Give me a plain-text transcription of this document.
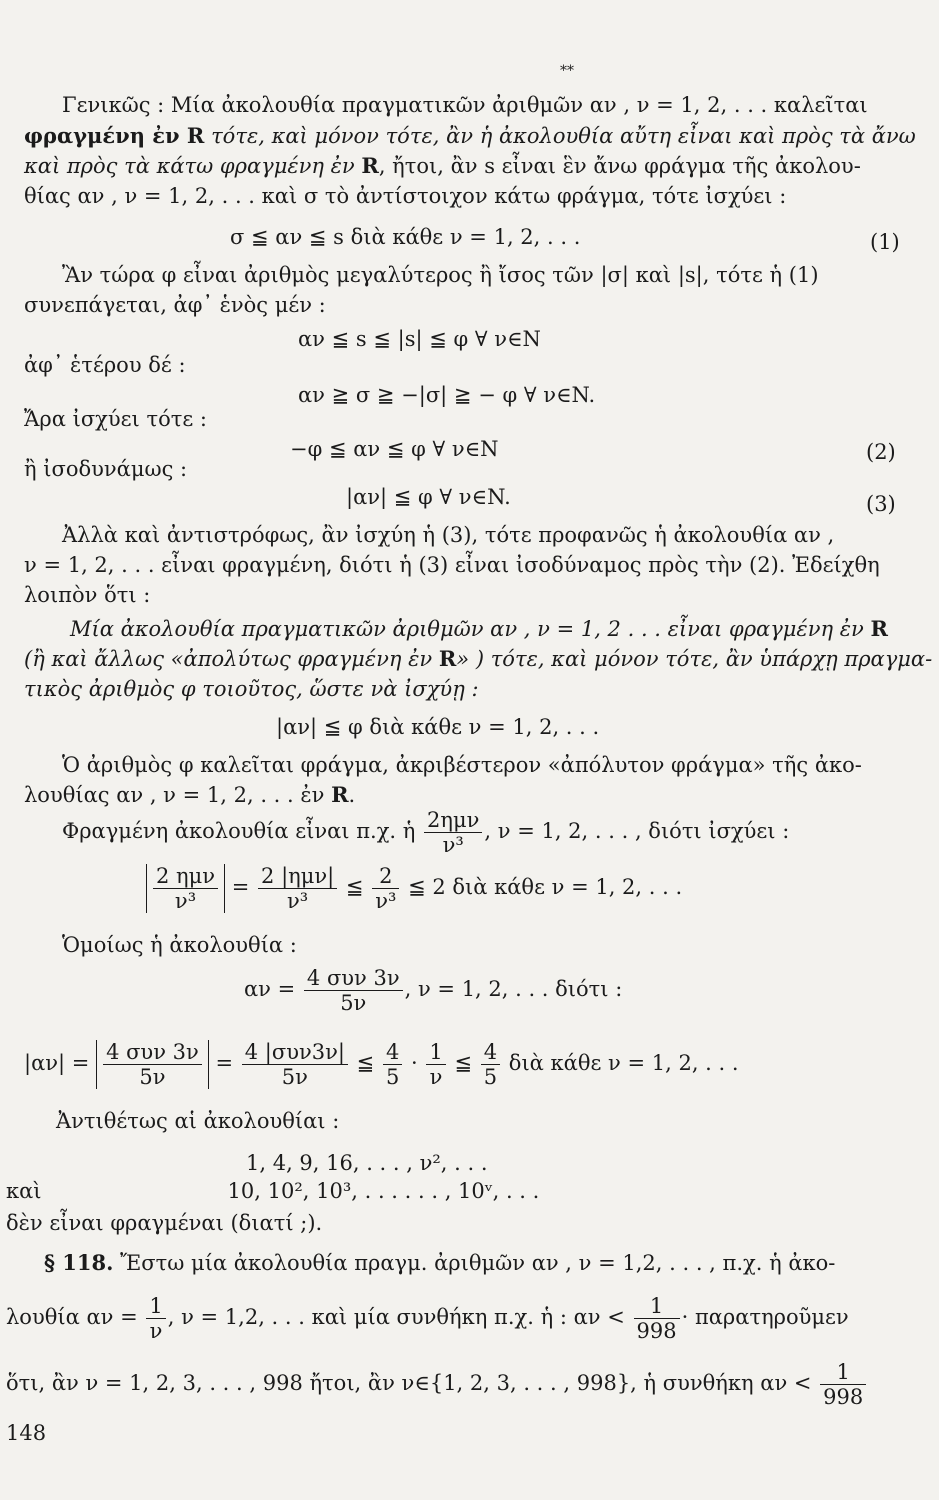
**
Γενικῶς : Μία ἀκολουθία πραγματικῶν ἀριθμῶν αν , ν = 1, 2, . . . καλεῖται
φραγμένη ἐν R τότε, καὶ μόνον τότε, ἂν ἡ ἀκολουθία αὔτη εἶναι καὶ πρὸς τὰ ἄνω
καὶ πρὸς τὰ κάτω φραγμένη ἐν R, ἤτοι, ἂν s εἶναι ἓν ἄνω φράγμα τῆς ἀκολου-
θίας αν , ν = 1, 2, . . . καὶ σ τὸ ἀντίστοιχον κάτω φράγμα, τότε ἰσχύει :
σ ≦ αν ≦ s διὰ κάθε ν = 1, 2, . . .	(1)
Ἂν τώρα φ εἶναι ἀριθμὸς μεγαλύτερος ἢ ἴσος τῶν |σ| καὶ |s|, τότε ἡ (1)
συνεπάγεται, ἀφ᾽ ἑνὸς μέν :
αν ≦ s ≦ |s| ≦ φ ∀ ν∈N
ἀφ᾽ ἑτέρου δέ :
αν ≧ σ ≧ −|σ| ≧ − φ ∀ ν∈N.
Ἄρα ἰσχύει τότε :
−φ ≦ αν ≦ φ ∀ ν∈N	(2)
ἢ ἰσοδυνάμως :
|αν| ≦ φ ∀ ν∈N.	(3)
Ἀλλὰ καὶ ἀντιστρόφως, ἂν ἰσχύη ἡ (3), τότε προφανῶς ἡ ἀκολουθία αν ,
ν = 1, 2, . . . εἶναι φραγμένη, διότι ἡ (3) εἶναι ἰσοδύναμος πρὸς τὴν (2). Ἐδείχθη
λοιπὸν ὅτι :
Μία ἀκολουθία πραγματικῶν ἀριθμῶν αν , ν = 1, 2 . . . εἶναι φραγμένη ἐν R
(ἢ καὶ ἄλλως «ἀπολύτως φραγμένη ἐν R» ) τότε, καὶ μόνον τότε, ἂν ὑπάρχῃ πραγμα-
τικὸς ἀριθμὸς φ τοιοῦτος, ὥστε νὰ ἰσχύῃ :
|αν| ≦ φ διὰ κάθε ν = 1, 2, . . .
Ὁ ἀριθμὸς φ καλεῖται φράγμα, ἀκριβέστερον «ἀπόλυτον φράγμα» τῆς ἀκο-
λουθίας αν , ν = 1, 2, . . . ἐν R.
Φραγμένη ἀκολουθία εἶναι π.χ. ἡ $\frac{\text{2ημν}}{\text{ν³}}$ , ν = 1, 2, . . . , διότι ἰσχύει :
$\frac{\text{2 ημν}}{\text{ν³}} = \frac{\text{2 |ημν|}}{\text{ν³}}$ ≦ $\frac{2}{\text{ν³}}$ ≦ 2 διὰ κάθε ν = 1, 2, . . .
Ὁμοίως ἡ ἀκολουθία :
$\alpha\nu = \frac{\text{4 συν 3ν}}{5\nu}$ , ν = 1, 2, . . . διότι :
$|\alpha\nu| = \frac{\text{4 συν 3ν}}{5\nu} = \frac{\text{4 |συν3ν|}}{5\nu}$ ≦ $\frac{4}{5} \cdot \frac{1}{\nu}$ ≦ $\frac{4}{5}$ διὰ κάθε ν = 1, 2, . . .
Ἀντιθέτως αἱ ἀκολουθίαι :
1, 4, 9, 16, . . . , ν², . . .
καὶ	10, 10², 10³, . . . . . . , 10ᵛ, . . .
δὲν εἶναι φραγμέναι (διατί ;).
§ 118. Ἔστω μία ἀκολουθία πραγμ. ἀριθμῶν αν , ν = 1,2, . . . , π.χ. ἡ ἀκο-
λουθία $\alpha\nu = \frac{1}{\nu}$ , ν = 1,2, . . . καὶ μία συνθήκη π.χ. ἡ : $\alpha\nu < \frac{1}{998}$ · παρατηροῦμεν
ὅτι, ἂν ν = 1, 2, 3, . . . , 998 ἤτοι, ἂν ν∈{1, 2, 3, . . . , 998}, ἡ συνθήκη $\alpha\nu < \frac{1}{998}$
148
